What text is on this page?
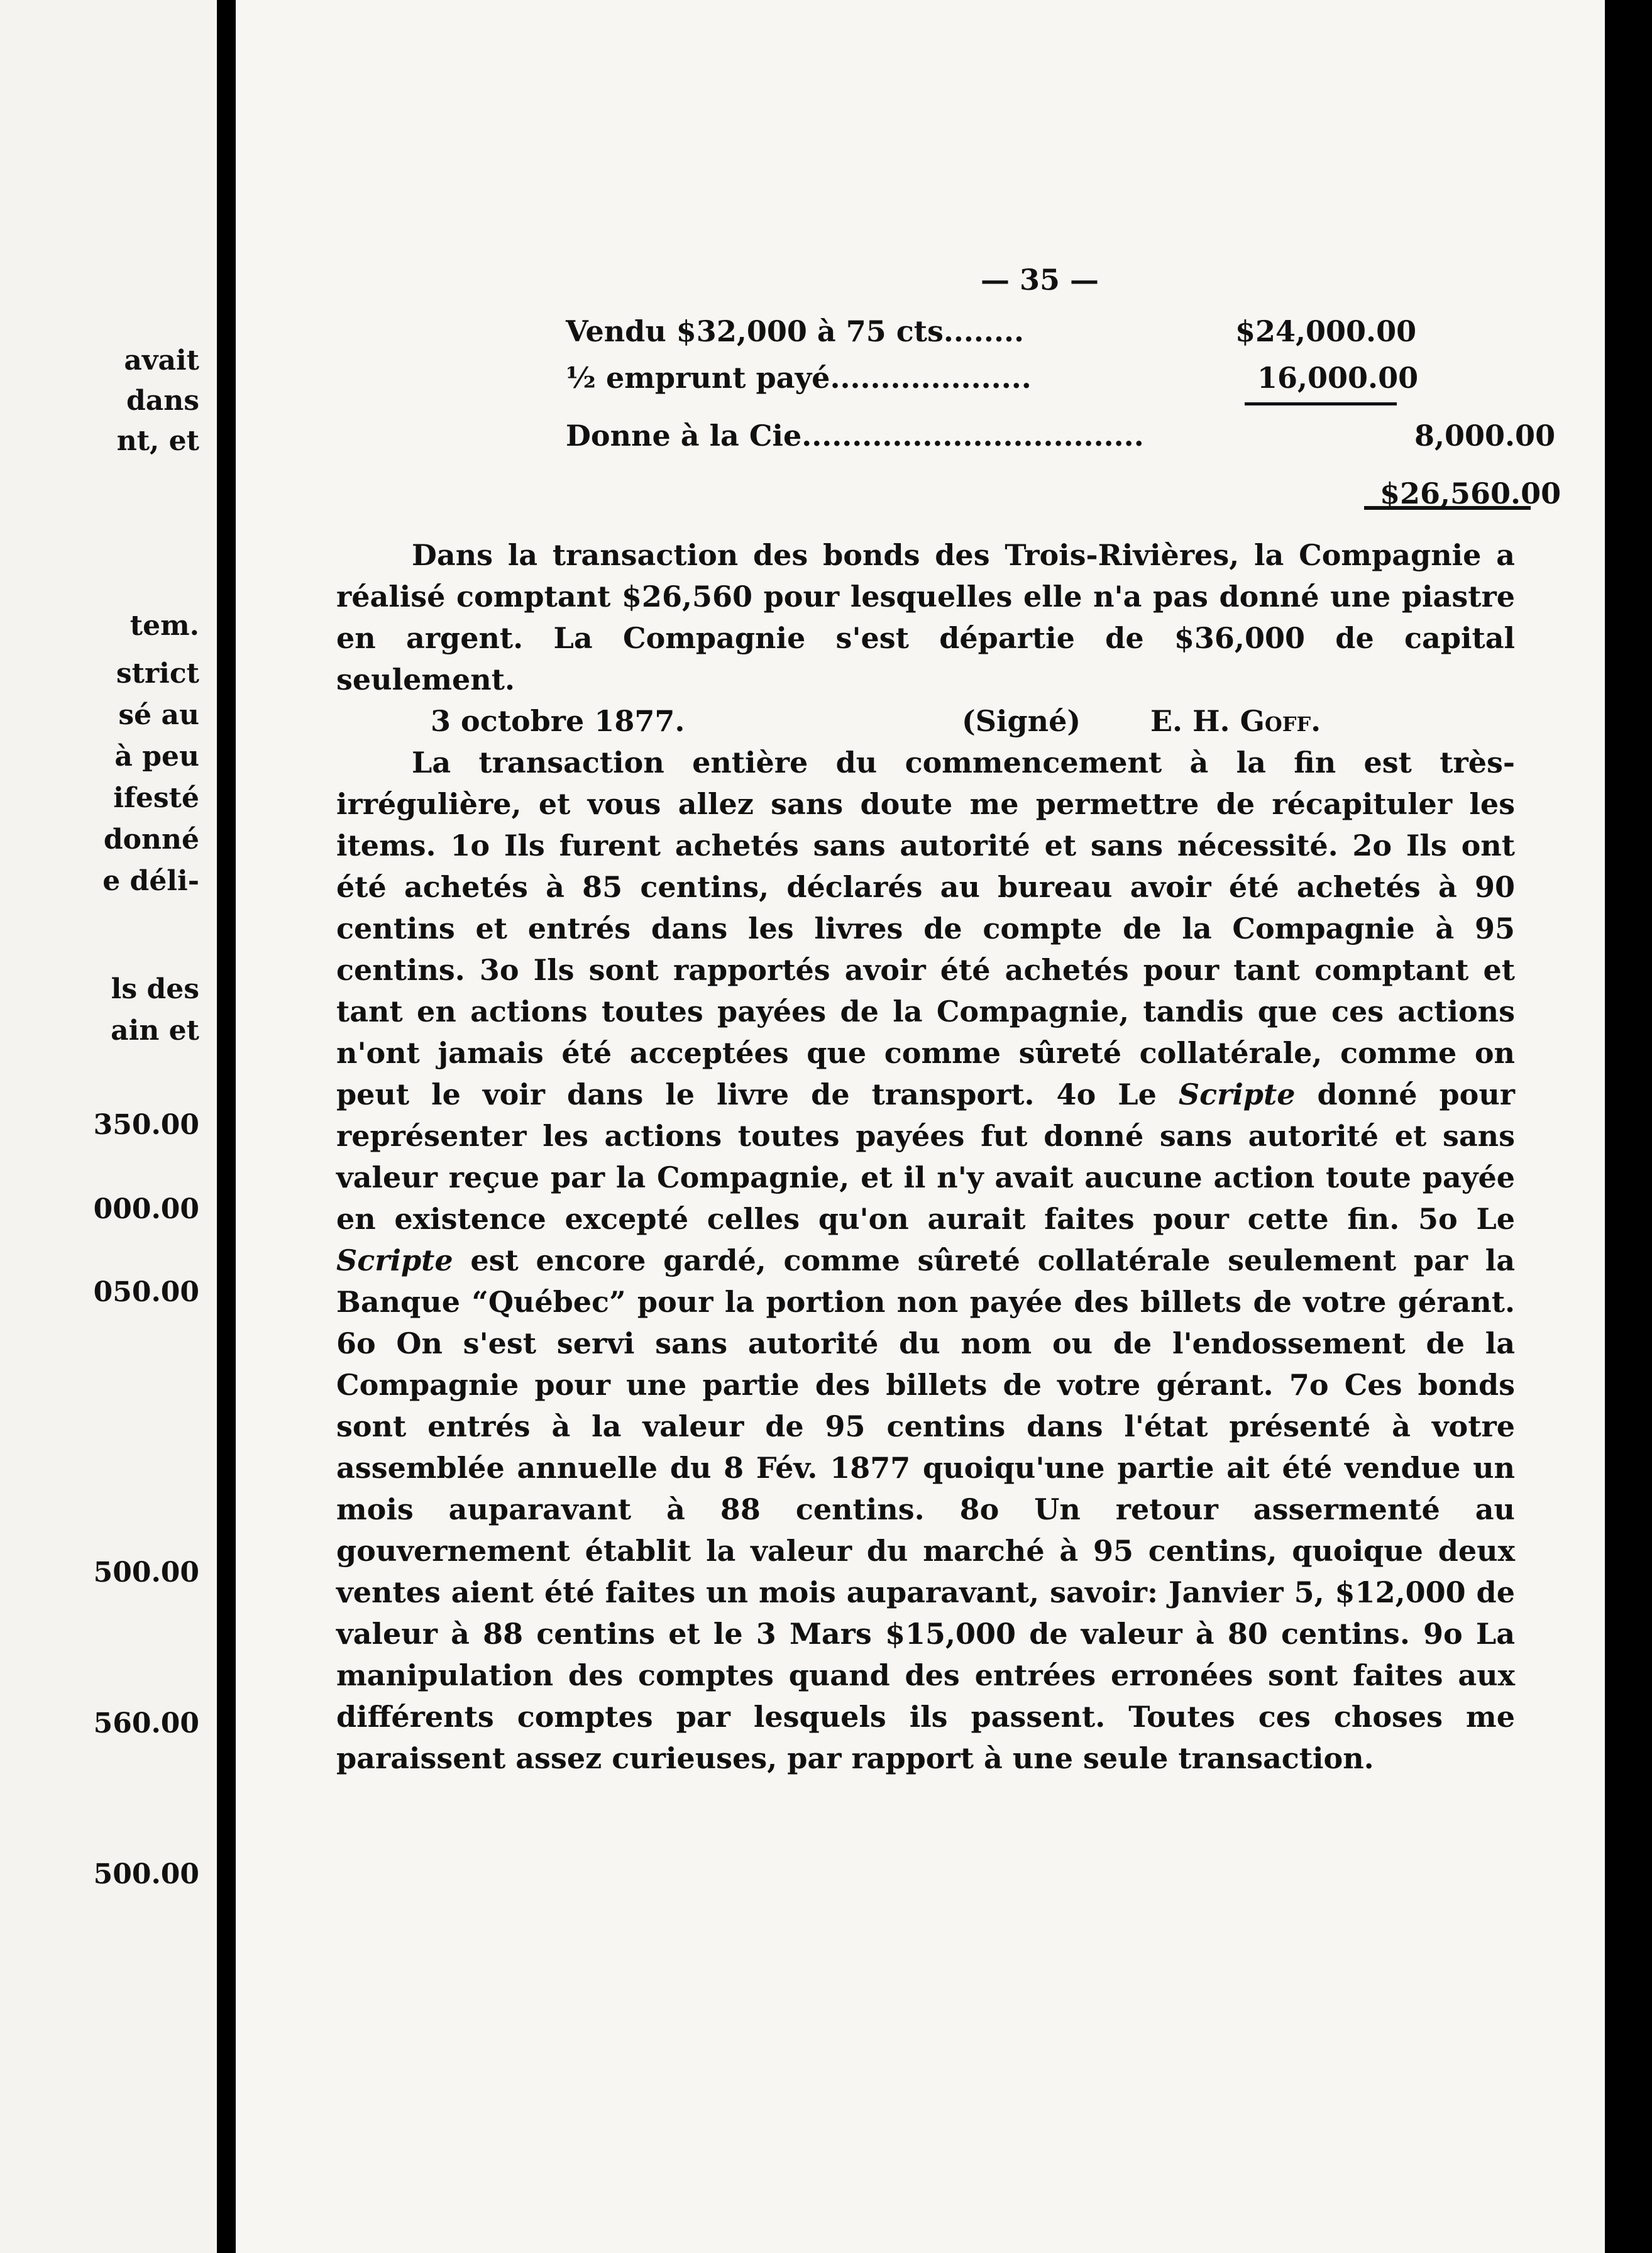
avait
dans
nt, et
tem.
strict
sé au
à peu
ifesté
donné
e déli-
ls des
ain et
350.00
000.00
050.00
500.00
560.00
500.00
— 35 —
Vendu $32,000 à 75 cts........	$24,000.00
½ emprunt payé....................	16,000.00
Donne à la Cie..................................	8,000.00
$26,560.00

Dans la transaction des bonds des Trois-Rivières, la Compagnie a réalisé comptant $26,560 pour lesquelles elle n'a pas donné une piastre en argent. La Compagnie s'est départie de $36,000 de capital seulement.

3 octobre 1877.	(Signé) E. H. Goff.

La transaction entière du commencement à la fin est très-irrégulière, et vous allez sans doute me permettre de récapituler les items. 1o Ils furent achetés sans autorité et sans nécessité. 2o Ils ont été achetés à 85 centins, déclarés au bureau avoir été achetés à 90 centins et entrés dans les livres de compte de la Compagnie à 95 centins. 3o Ils sont rapportés avoir été achetés pour tant comptant et tant en actions toutes payées de la Compagnie, tandis que ces actions n'ont jamais été acceptées que comme sûreté collatérale, comme on peut le voir dans le livre de transport. 4o Le Scripte donné pour représenter les actions toutes payées fut donné sans autorité et sans valeur reçue par la Compagnie, et il n'y avait aucune action toute payée en existence excepté celles qu'on aurait faites pour cette fin. 5o Le Scripte est encore gardé, comme sûreté collatérale seulement par la Banque “Québec” pour la portion non payée des billets de votre gérant. 6o On s'est servi sans autorité du nom ou de l'endossement de la Compagnie pour une partie des billets de votre gérant. 7o Ces bonds sont entrés à la valeur de 95 centins dans l'état présenté à votre assemblée annuelle du 8 Fév. 1877 quoiqu'une partie ait été vendue un mois auparavant à 88 centins. 8o Un retour assermenté au gouvernement établit la valeur du marché à 95 centins, quoique deux ventes aient été faites un mois auparavant, savoir: Janvier 5, $12,000 de valeur à 88 centins et le 3 Mars $15,000 de valeur à 80 centins. 9o La manipulation des comptes quand des entrées erronées sont faites aux différents comptes par lesquels ils passent. Toutes ces choses me paraissent assez curieuses, par rapport à une seule transaction.
